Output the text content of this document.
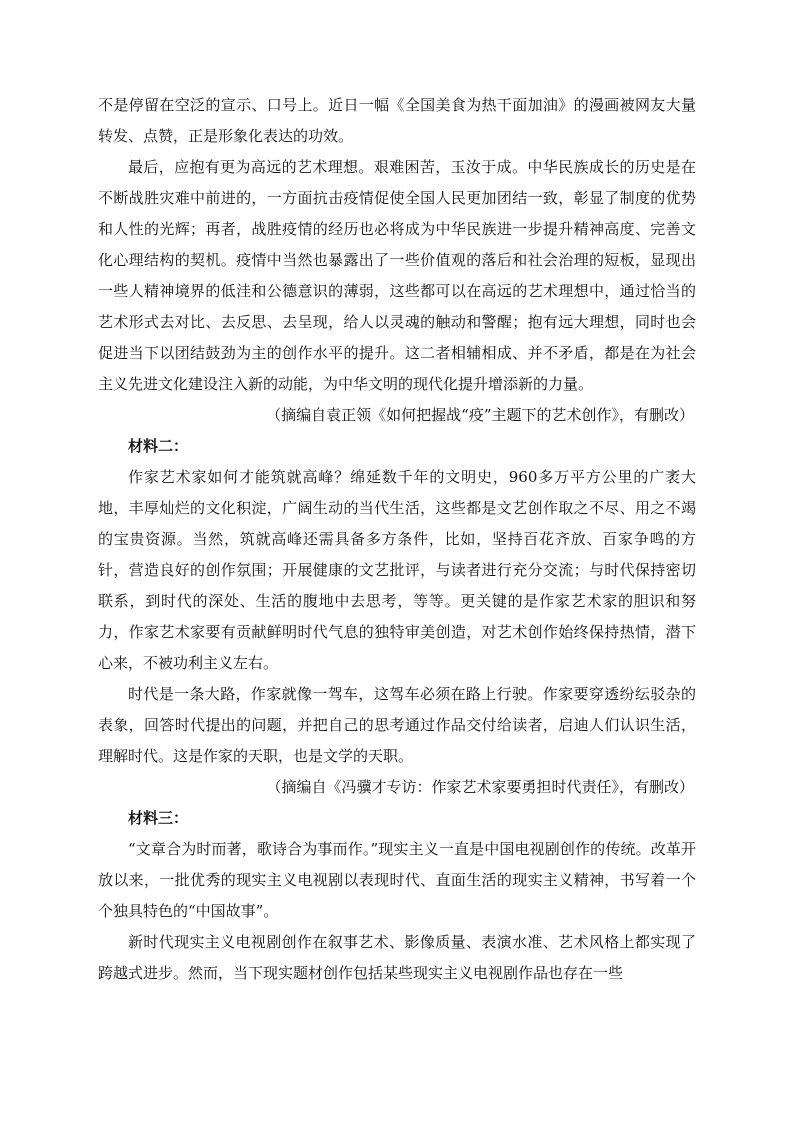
不是停留在空泛的宣示、口号上。近日一幅《全国美食为热干面加油》的漫画被网友大量转发、点赞，正是形象化表达的功效。

最后，应抱有更为高远的艺术理想。艰难困苦，玉汝于成。中华民族成长的历史是在不断战胜灾难中前进的，一方面抗击疫情促使全国人民更加团结一致，彰显了制度的优势和人性的光辉；再者，战胜疫情的经历也必将成为中华民族进一步提升精神高度、完善文化心理结构的契机。疫情中当然也暴露出了一些价值观的落后和社会治理的短板，显现出一些人精神境界的低洼和公德意识的薄弱，这些都可以在高远的艺术理想中，通过恰当的艺术形式去对比、去反思、去呈现，给人以灵魂的触动和警醒；抱有远大理想，同时也会促进当下以团结鼓劲为主的创作水平的提升。这二者相辅相成、并不矛盾，都是在为社会主义先进文化建设注入新的动能，为中华文明的现代化提升增添新的力量。

（摘编自袁正领《如何把握战“疫”主题下的艺术创作》，有删改）

材料二：

作家艺术家如何才能筑就高峰？绵延数千年的文明史，960多万平方公里的广袤大地，丰厚灿烂的文化积淀，广阔生动的当代生活，这些都是文艺创作取之不尽、用之不竭的宝贵资源。当然，筑就高峰还需具备多方条件，比如，坚持百花齐放、百家争鸣的方针，营造良好的创作氛围；开展健康的文艺批评，与读者进行充分交流；与时代保持密切联系，到时代的深处、生活的腹地中去思考，等等。更关键的是作家艺术家的胆识和努力，作家艺术家要有贡献鲜明时代气息的独特审美创造，对艺术创作始终保持热情，潜下心来，不被功利主义左右。

时代是一条大路，作家就像一驾车，这驾车必须在路上行驶。作家要穿透纷纭驳杂的表象，回答时代提出的问题，并把自己的思考通过作品交付给读者，启迪人们认识生活，理解时代。这是作家的天职，也是文学的天职。

（摘编自《冯骥才专访：作家艺术家要勇担时代责任》，有删改）

材料三：

“文章合为时而著，歌诗合为事而作。”现实主义一直是中国电视剧创作的传统。改革开放以来，一批优秀的现实主义电视剧以表现时代、直面生活的现实主义精神，书写着一个个独具特色的“中国故事”。

新时代现实主义电视剧创作在叙事艺术、影像质量、表演水准、艺术风格上都实现了跨越式进步。然而，当下现实题材创作包括某些现实主义电视剧作品也存在一些
